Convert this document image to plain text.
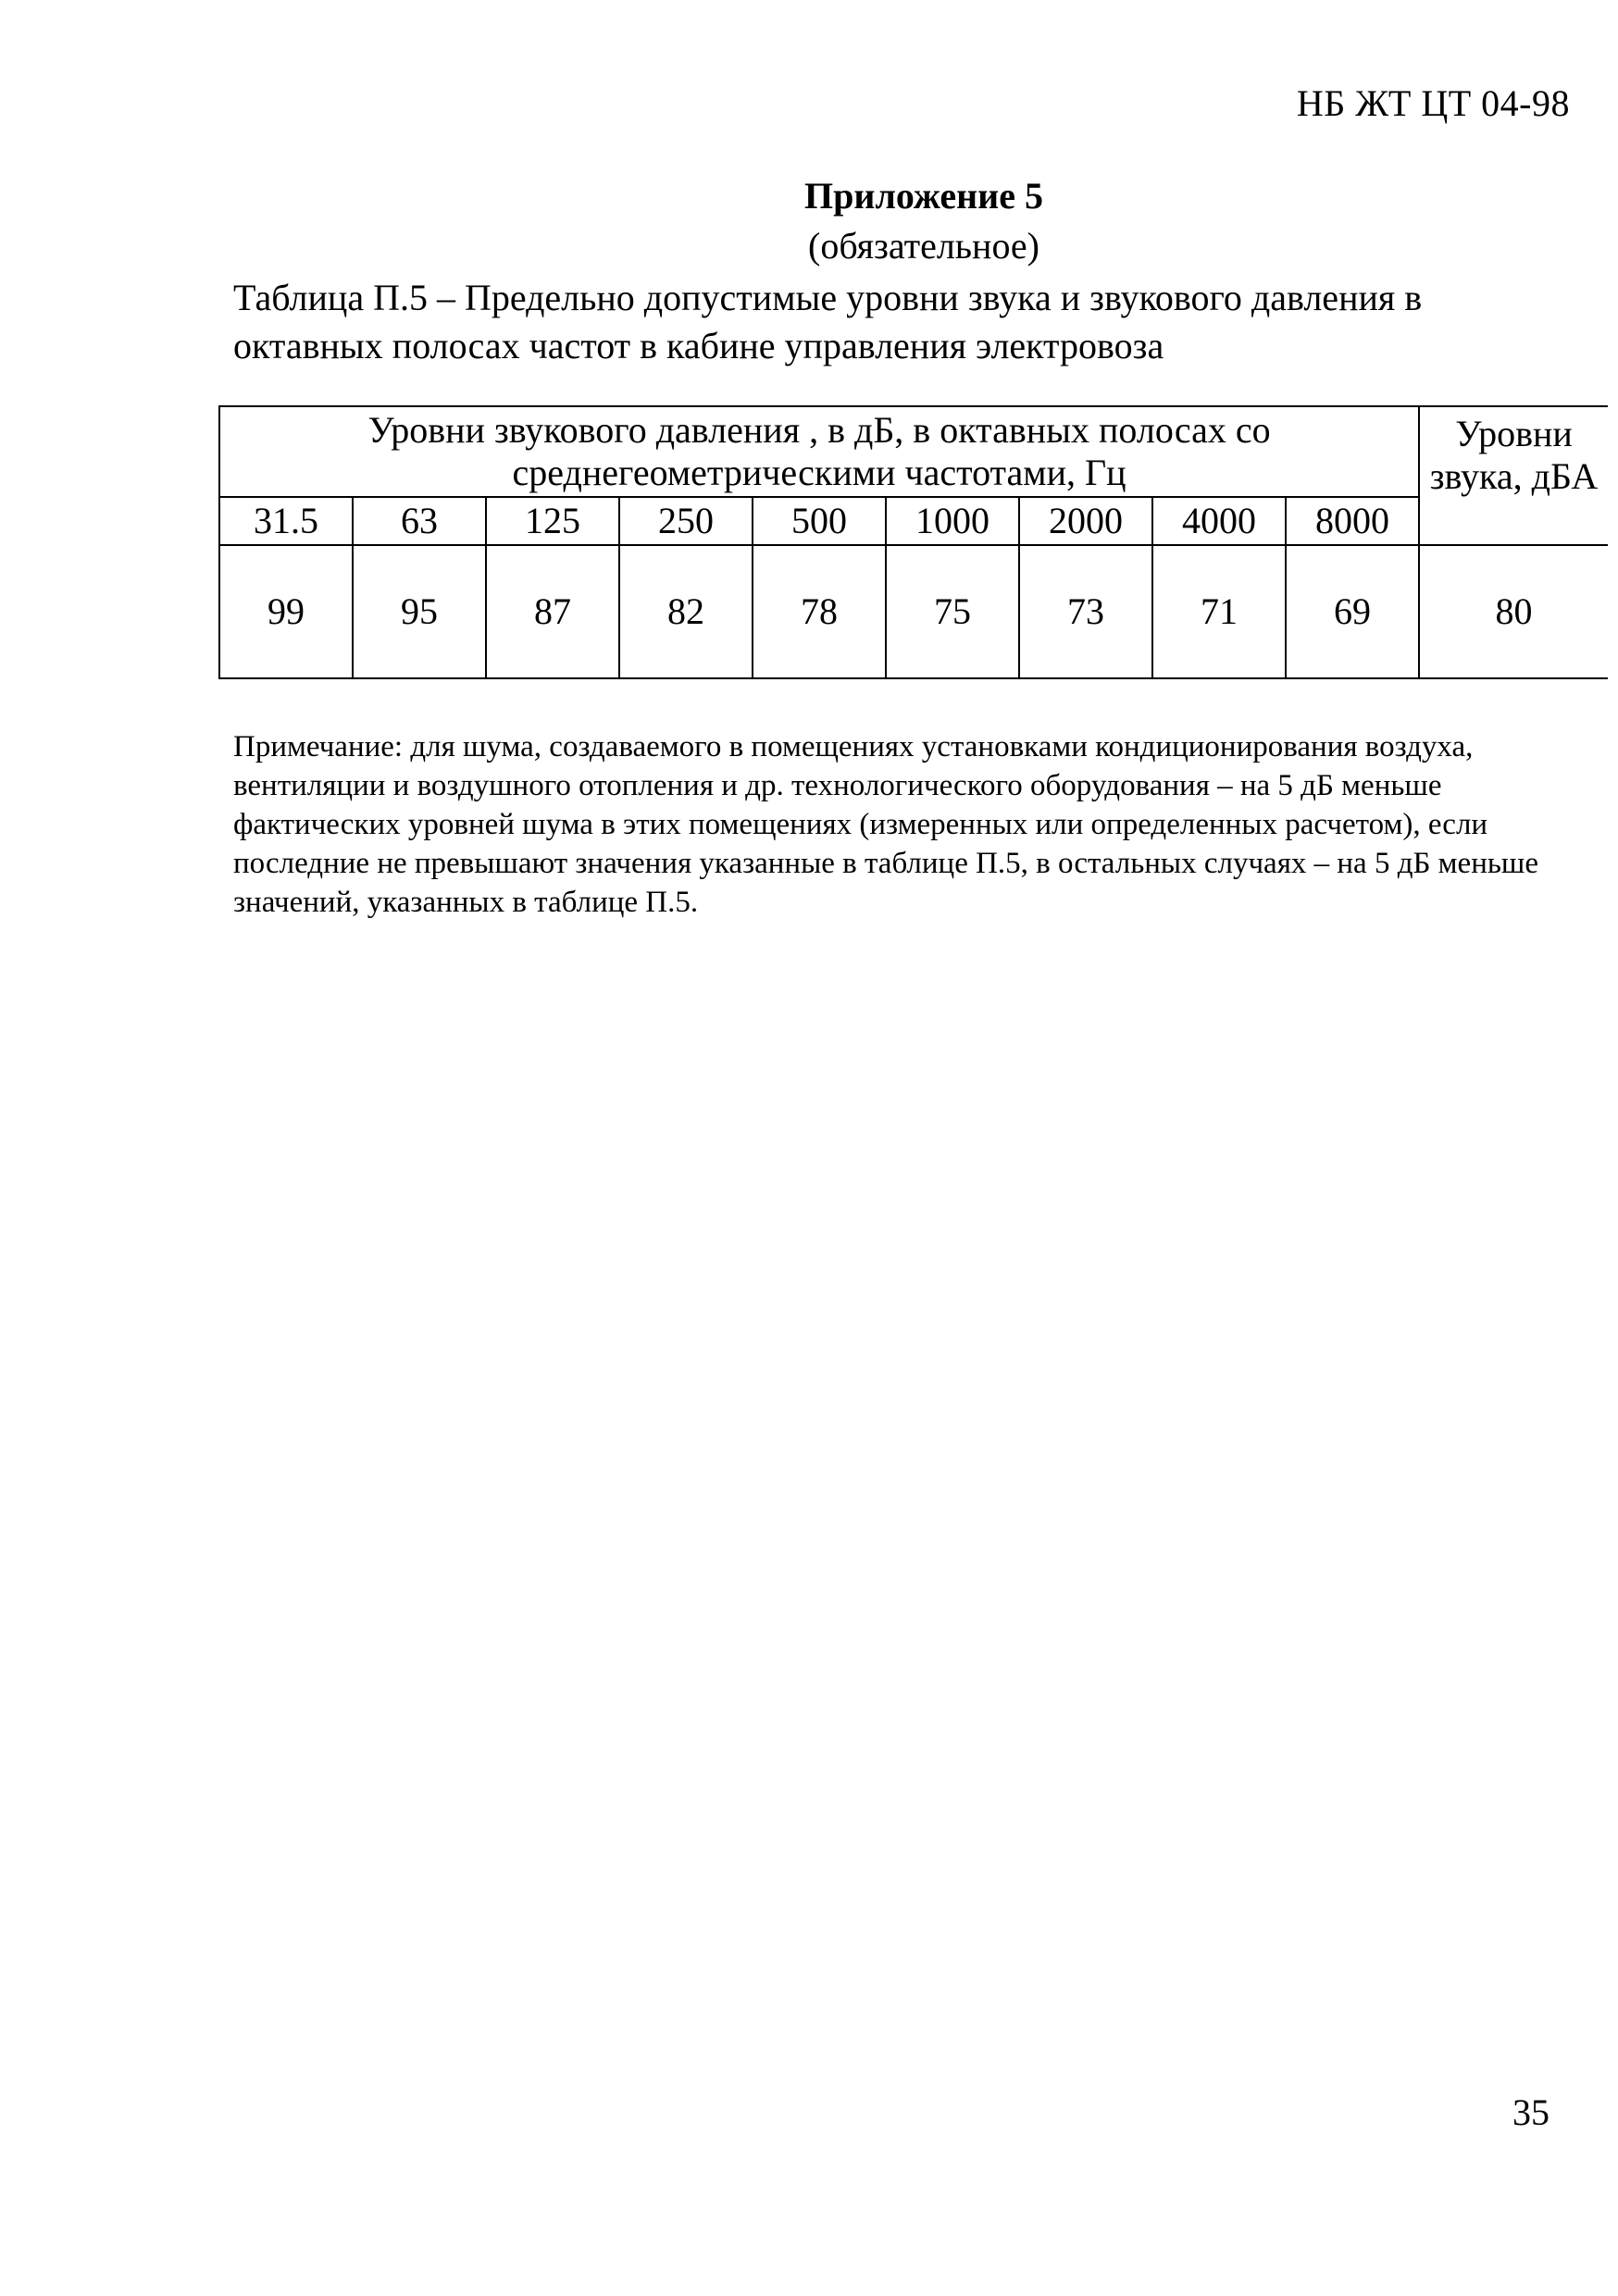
НБ ЖТ ЦТ 04-98
Приложение 5
(обязательное)
Таблица П.5 – Предельно допустимые уровни звука и звукового давления в октавных полосах частот в кабине управления электровоза
Уровни звукового давления , в дБ, в октавных полосах со среднегеометрическими частотами, Гц									Уровни звука, дБА
31.5	63	125	250	500	1000	2000	4000	8000	
99	95	87	82	78	75	73	71	69	80
Примечание: для шума, создаваемого в помещениях установками кондиционирования воздуха, вентиляции и воздушного отопления и др. технологического оборудования – на 5 дБ меньше фактических уровней шума в этих помещениях (измеренных или определенных расчетом), если последние не превышают значения указанные в таблице П.5, в остальных случаях – на 5 дБ меньше значений, указанных в таблице П.5.
35
